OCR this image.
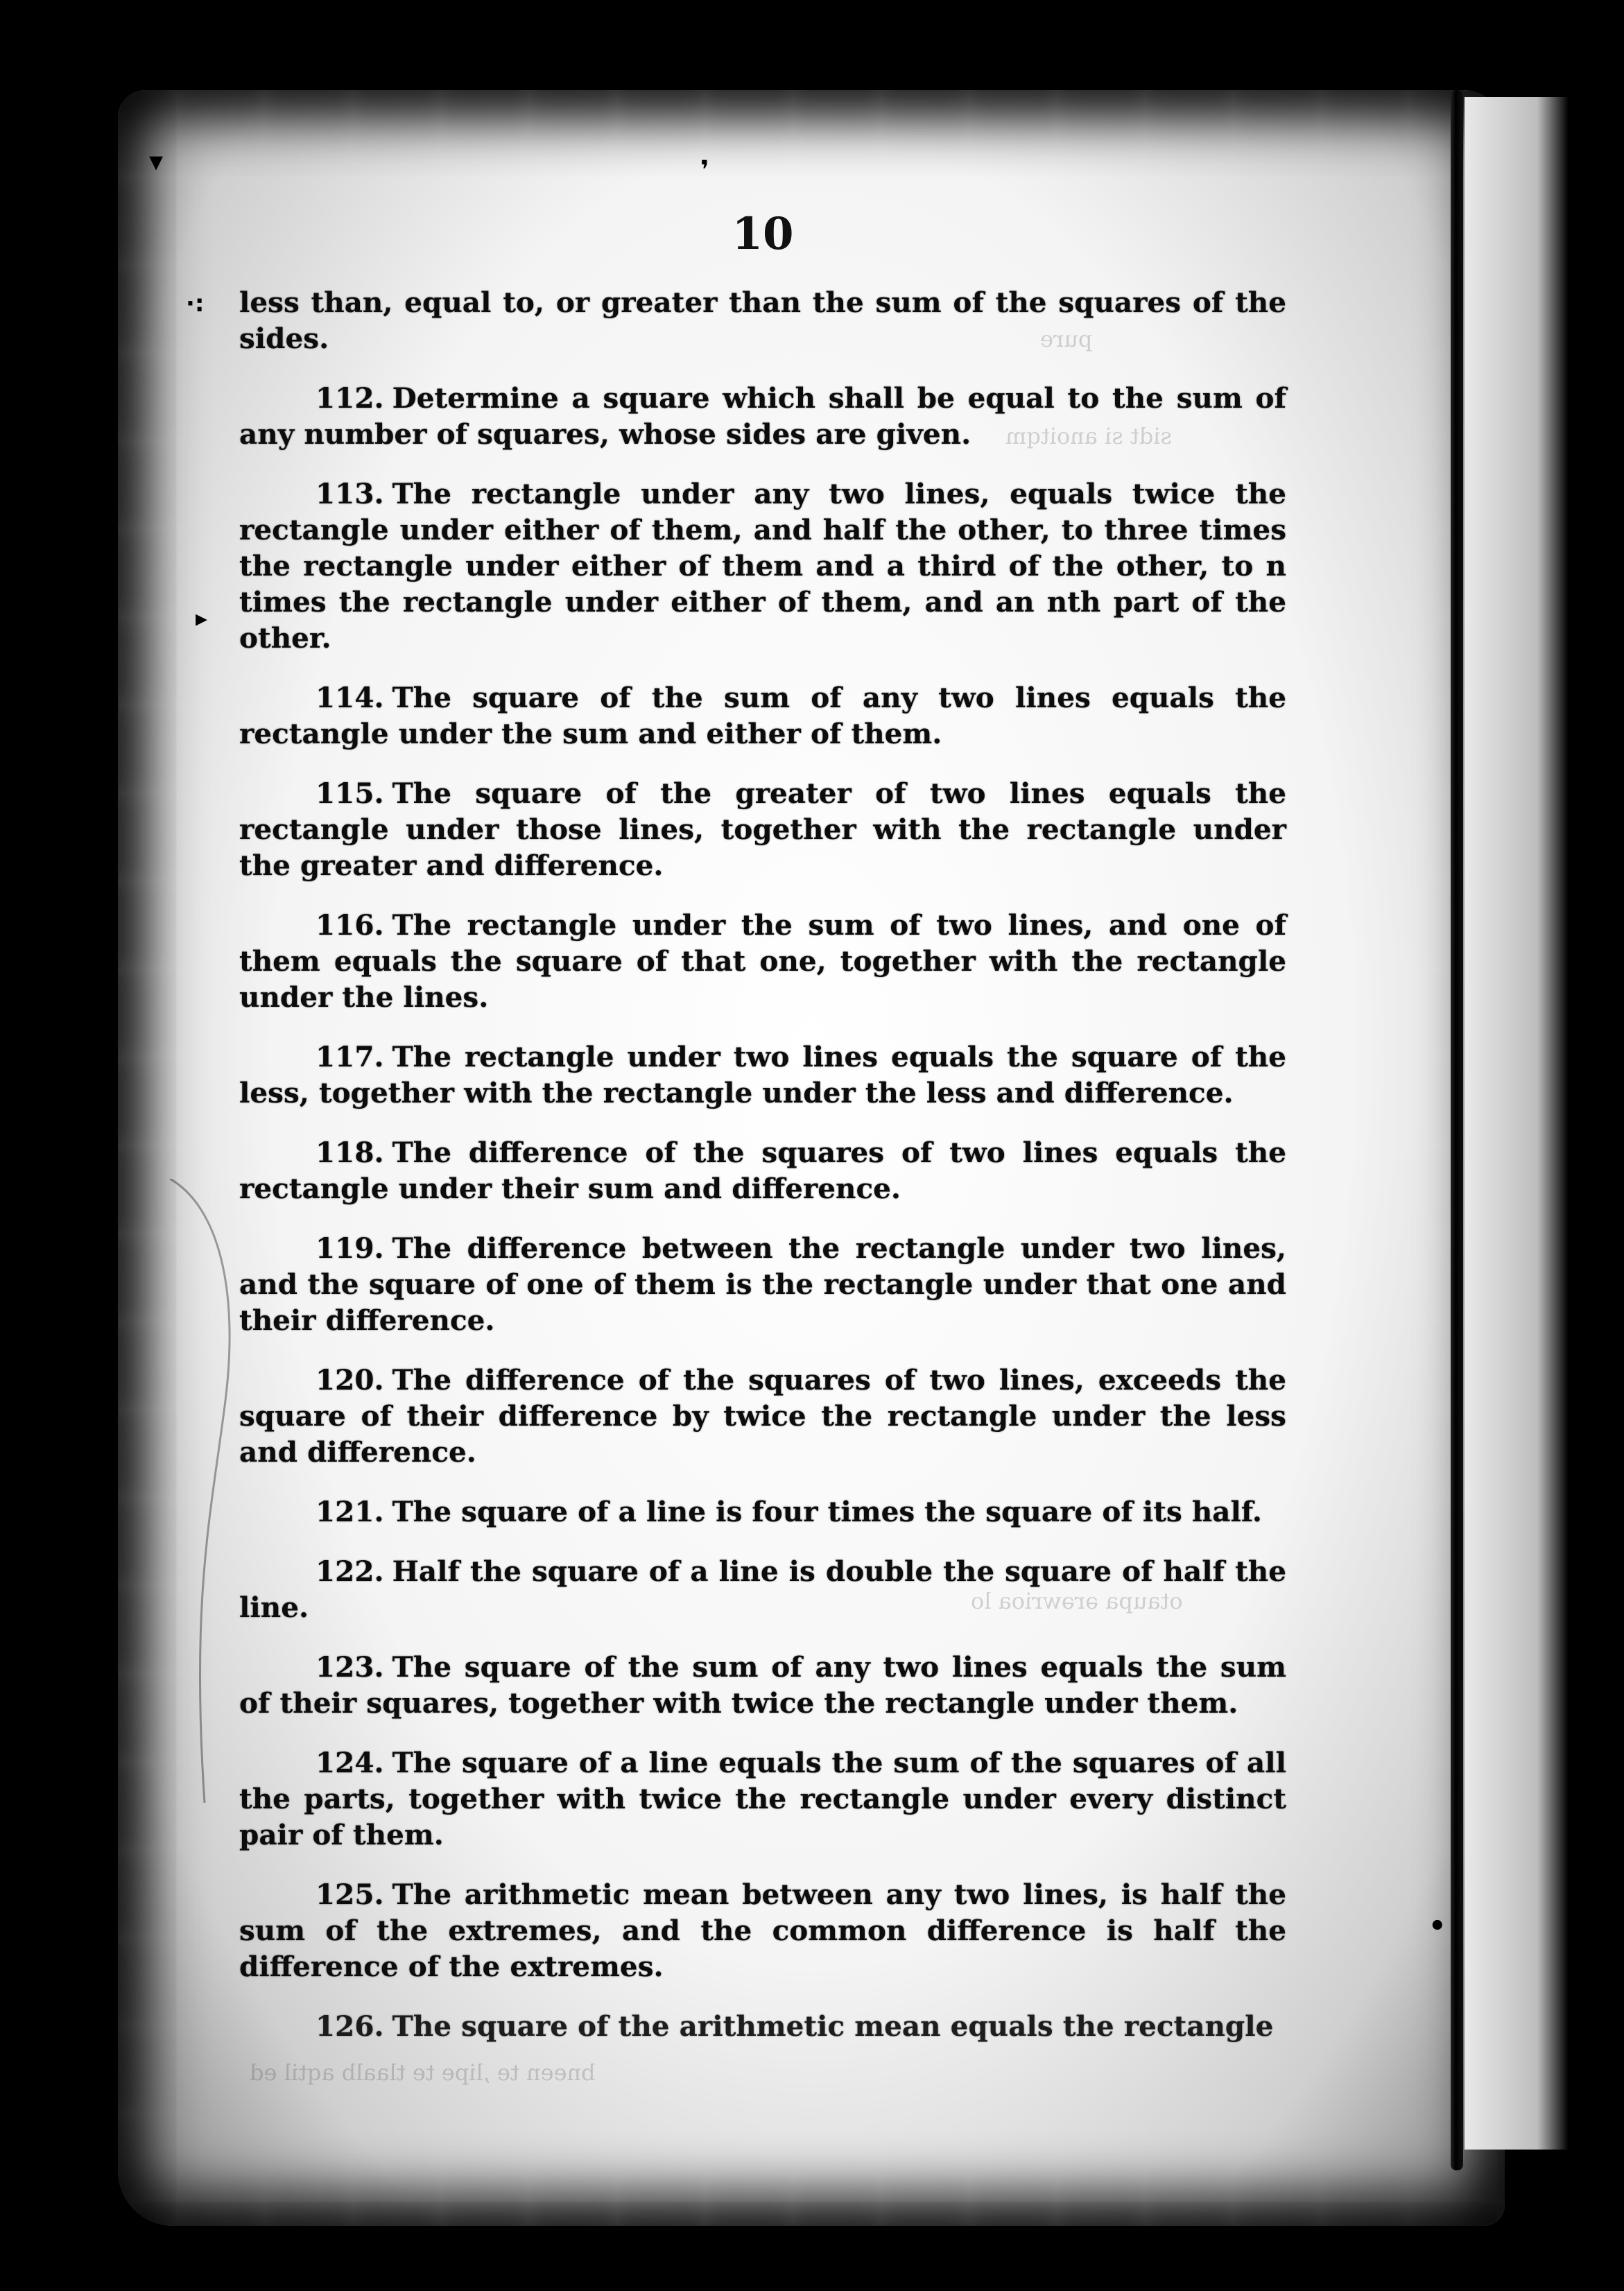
▾	❜
·:
▸
•
pure
sidt si anoitqm
otaupa ərəwrioa lo
bneen te ,lipe te tlaalb aqtil ed
10

less than, equal to, or greater than the sum of the squares of the sides.

112. Determine a square which shall be equal to the sum of any number of squares, whose sides are given.

113. The rectangle under any two lines, equals twice the rectangle under either of them, and half the other, to three times the rectangle under either of them and a third of the other, to n times the rectangle under either of them, and an nth part of the other.

114. The square of the sum of any two lines equals the rectangle under the sum and either of them.

115. The square of the greater of two lines equals the rectangle under those lines, together with the rectangle under the greater and difference.

116. The rectangle under the sum of two lines, and one of them equals the square of that one, together with the rectangle under the lines.

117. The rectangle under two lines equals the square of the less, together with the rectangle under the less and difference.

118. The difference of the squares of two lines equals the rectangle under their sum and difference.

119. The difference between the rectangle under two lines, and the square of one of them is the rectangle under that one and their difference.

120. The difference of the squares of two lines, exceeds the square of their difference by twice the rectangle under the less and difference.

121. The square of a line is four times the square of its half.

122. Half the square of a line is double the square of half the line.

123. The square of the sum of any two lines equals the sum of their squares, together with twice the rectangle under them.

124. The square of a line equals the sum of the squares of all the parts, together with twice the rectangle under every distinct pair of them.

125. The arithmetic mean between any two lines, is half the sum of the extremes, and the common difference is half the difference of the extremes.

126. The square of the arithmetic mean equals the rectangle
